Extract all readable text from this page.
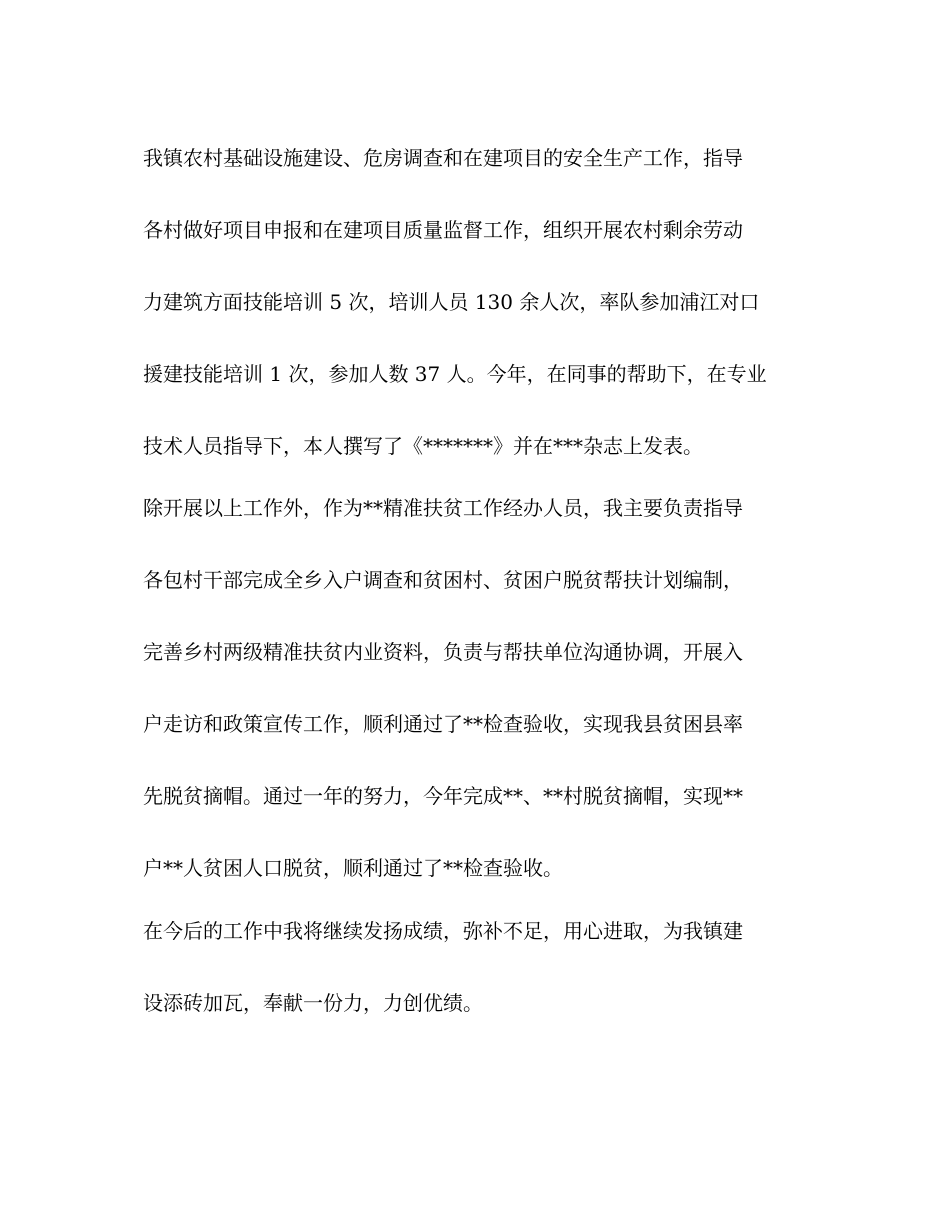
我镇农村基础设施建设、危房调查和在建项目的安全生产工作，指导

各村做好项目申报和在建项目质量监督工作，组织开展农村剩余劳动

力建筑方面技能培训 5 次，培训人员 130 余人次，率队参加浦江对口

援建技能培训 1 次，参加人数 37 人。今年，在同事的帮助下，在专业

技术人员指导下，本人撰写了《*******》并在***杂志上发表。

除开展以上工作外，作为**精准扶贫工作经办人员，我主要负责指导

各包村干部完成全乡入户调查和贫困村、贫困户脱贫帮扶计划编制，

完善乡村两级精准扶贫内业资料，负责与帮扶单位沟通协调，开展入

户走访和政策宣传工作，顺利通过了**检查验收，实现我县贫困县率

先脱贫摘帽。通过一年的努力，今年完成**、**村脱贫摘帽，实现**

户**人贫困人口脱贫，顺利通过了**检查验收。

在今后的工作中我将继续发扬成绩，弥补不足，用心进取，为我镇建

设添砖加瓦，奉献一份力，力创优绩。
